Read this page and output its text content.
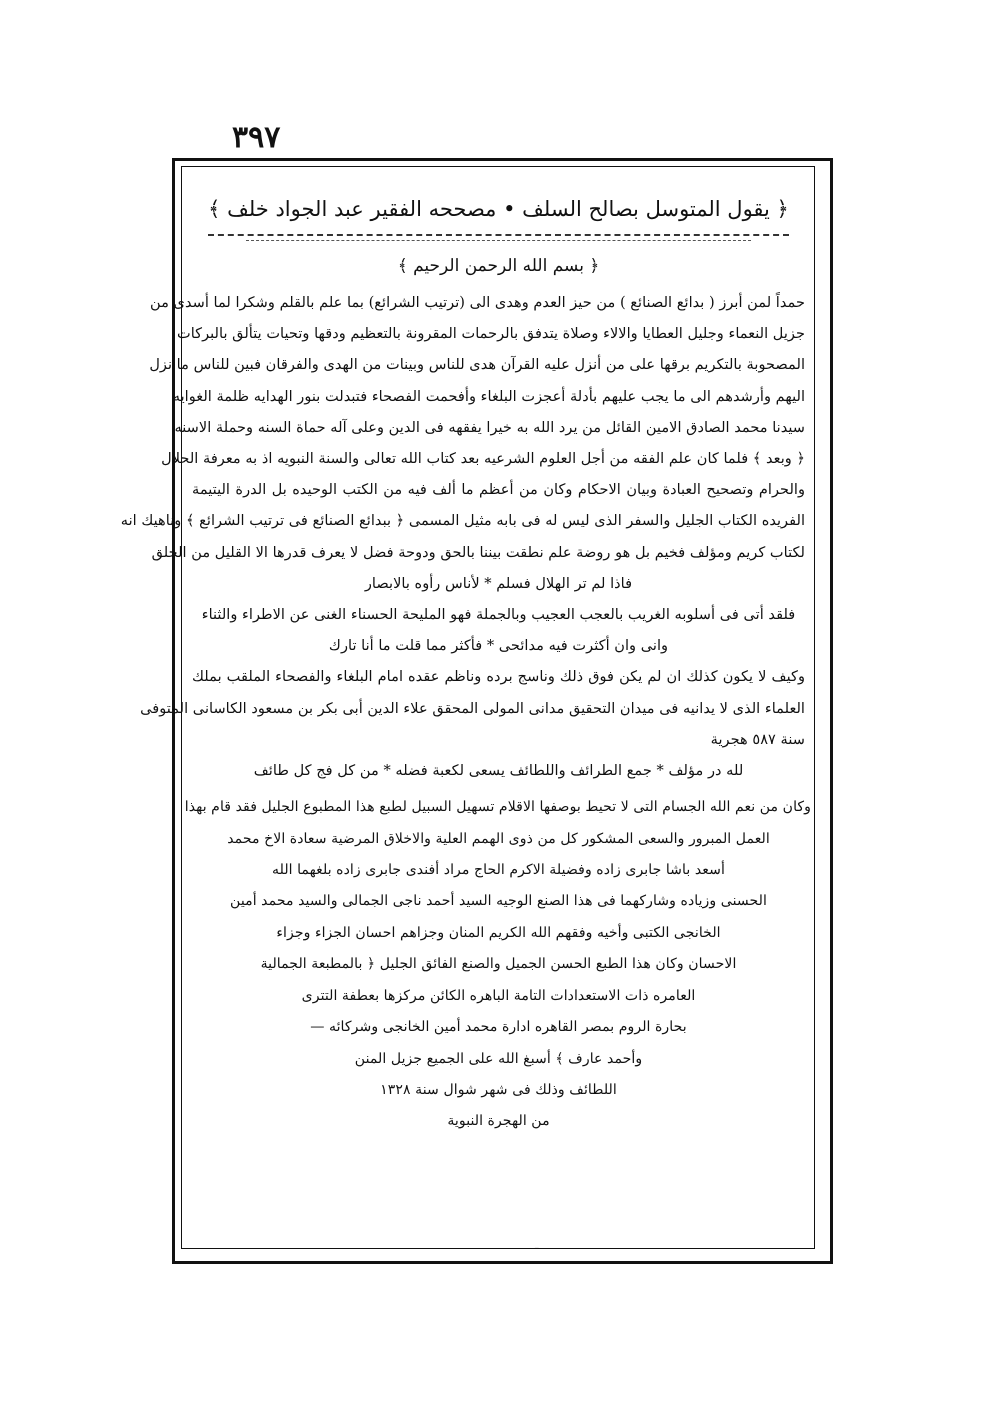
٣٩٧
﴿ يقول المتوسل بصالح السلف • مصححه الفقير عبد الجواد خلف ﴾
﴿ بسم الله الرحمن الرحيم ﴾
حمداً لمن أبرز ( بدائع الصنائع ) من حيز العدم وهدى الى (ترتيب الشرائع) بما علم بالقلم وشكرا لما أسدى من
جزيل النعماء وجليل العطايا والالاء وصلاة يتدفق بالرحمات المقرونة بالتعظيم ودقها وتحيات يتألق بالبركات
المصحوبة بالتكريم برقها على من أنزل عليه القرآن هدى للناس وبينات من الهدى والفرقان فبين للناس ما نزل
اليهم وأرشدهم الى ما يجب عليهم بأدلة أعجزت البلغاء وأفحمت الفصحاء فتبدلت بنور الهدايه ظلمة الغوايه
سيدنا محمد الصادق الامين القائل من يرد الله به خيرا يفقهه فى الدين وعلى آله حماة السنه وحملة الاسنه
﴿ وبعد ﴾ فلما كان علم الفقه من أجل العلوم الشرعيه بعد كتاب الله تعالى والسنة النبويه اذ به معرفة الحلال
والحرام وتصحيح العبادة وبيان الاحكام وكان من أعظم ما ألف فيه من الكتب الوحيده بل الدرة اليتيمة
الفريده الكتاب الجليل والسفر الذى ليس له فى بابه مثيل المسمى ﴿ ببدائع الصنائع فى ترتيب الشرائع ﴾ وناهيك انه
لكتاب كريم ومؤلف فخيم بل هو روضة علم نطقت بيننا بالحق ودوحة فضل لا يعرف قدرها الا القليل من الخلق
فاذا لم تر الهلال فسلم * لأناس رأوه بالابصار
فلقد أتى فى أسلوبه الغريب بالعجب العجيب وبالجملة فهو المليحة الحسناء الغنى عن الاطراء والثناء
وانى وان أكثرت فيه مدائحى * فأكثر مما قلت ما أنا تارك
وكيف لا يكون كذلك ان لم يكن فوق ذلك وناسج برده وناظم عقده امام البلغاء والفصحاء الملقب بملك
العلماء الذى لا يدانيه فى ميدان التحقيق مدانى المولى المحقق علاء الدين أبى بكر بن مسعود الكاسانى المتوفى
سنة ٥٨٧ هجرية
لله در مؤلف * جمع الطرائف واللطائف يسعى لكعبة فضله * من كل فج كل طائف
وكان من نعم الله الجسام التى لا تحيط بوصفها الاقلام تسهيل السبيل لطبع هذا المطبوع الجليل فقد قام بهذا
العمل المبرور والسعى المشكور كل من ذوى الهمم العلية والاخلاق المرضية سعادة الاخ محمد
أسعد باشا جابرى زاده وفضيلة الاكرم الحاج مراد أفندى جابرى زاده بلغهما الله
الحسنى وزياده وشاركهما فى هذا الصنع الوجيه السيد أحمد ناجى الجمالى والسيد محمد أمين
الخانجى الكتبى وأخيه وفقهم الله الكريم المنان وجزاهم احسان الجزاء وجزاء
الاحسان وكان هذا الطبع الحسن الجميل والصنع الفائق الجليل ﴿ بالمطبعة الجمالية
العامره ذات الاستعدادات التامة الباهره الكائن مركزها بعطفة التترى
بحارة الروم بمصر القاهره ادارة محمد أمين الخانجى وشركائه —
وأحمد عارف ﴾ أسبغ الله على الجميع جزيل المنن
اللطائف وذلك فى شهر شوال سنة ١٣٢٨
من الهجرة النبوية
ـ
